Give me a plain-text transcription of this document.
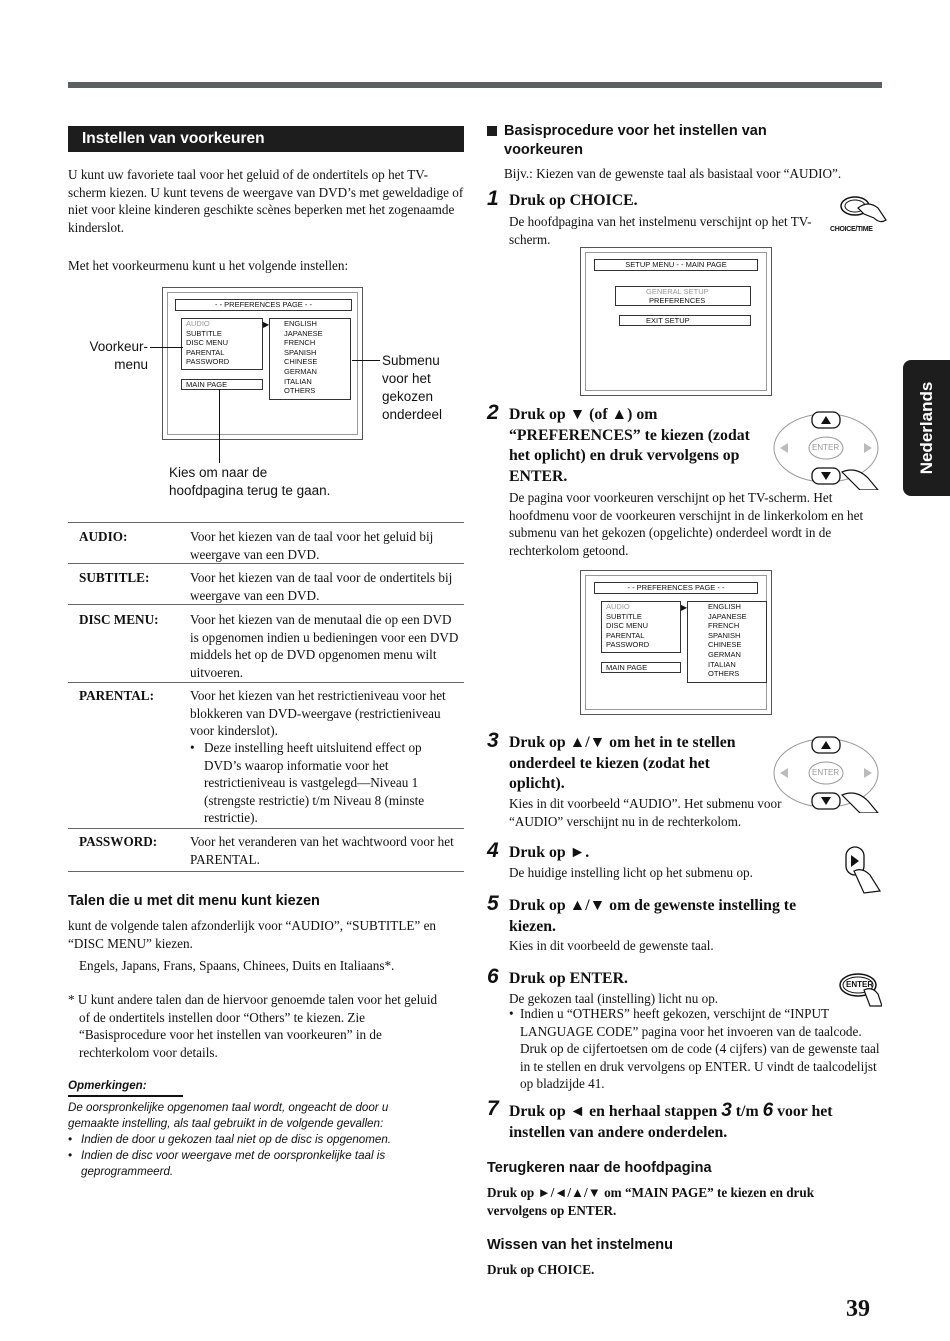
Instellen van voorkeuren
U kunt uw favoriete taal voor het geluid of de ondertitels op het TV-scherm kiezen. U kunt tevens de weergave van DVD’s met geweldadige of niet voor kleine kinderen geschikte scènes beperken met het zogenaamde kinderslot.
Met het voorkeurmenu kunt u het volgende instellen:
- - PREFERENCES PAGE - -
AUDIO
SUBTITLE
DISC MENU
PARENTAL
PASSWORD
▶
MAIN PAGE
ENGLISH
JAPANESE
FRENCH
SPANISH
CHINESE
GERMAN
ITALIAN
OTHERS
Voorkeur-
menu	Submenu
voor het
gekozen
onderdeel
Kies om naar de
hoofdpagina terug te gaan.
AUDIO:	Voor het kiezen van de taal voor het geluid bij weergave van een DVD.
SUBTITLE:	Voor het kiezen van de taal voor de ondertitels bij weergave van een DVD.
DISC MENU: Voor het kiezen van de menutaal die op een DVD is opgenomen indien u bedieningen voor een DVD middels het op de DVD opgenomen menu wilt uitvoeren.
PARENTAL:	Voor het kiezen van het restrictieniveau voor het blokkeren van DVD-weergave (restrictieniveau voor kinderslot).
• Deze instelling heeft uitsluitend effect op DVD’s waarop informatie voor het restrictieniveau is vastgelegd—Niveau 1 (strengste restrictie) t/m Niveau 8 (minste restrictie).
PASSWORD: Voor het veranderen van het wachtwoord voor het PARENTAL.
Talen die u met dit menu kunt kiezen
kunt de volgende talen afzonderlijk voor “AUDIO”, “SUBTITLE” en “DISC MENU” kiezen.
Engels, Japans, Frans, Spaans, Chinees, Duits en Italiaans*.
* U kunt andere talen dan de hiervoor genoemde talen voor het geluid of de ondertitels instellen door “Others” te kiezen. Zie “Basisprocedure voor het instellen van voorkeuren” in de rechterkolom voor details.
Opmerkingen:
De oorspronkelijke opgenomen taal wordt, ongeacht de door u gemaakte instelling, als taal gebruikt in de volgende gevallen:
• Indien de door u gekozen taal niet op de disc is opgenomen.
• Indien de disc voor weergave met de oorspronkelijke taal is geprogrammeerd.
Basisprocedure voor het instellen van voorkeuren
Bijv.: Kiezen van de gewenste taal als basistaal voor “AUDIO”.
1 Druk op CHOICE.
De hoofdpagina van het instelmenu verschijnt op het TV-scherm.
CHOICE/TIME
SETUP MENU - - MAIN PAGE
GENERAL SETUP
PREFERENCES
EXIT SETUP
2 Druk op ▼ (of ▲) om “PREFERENCES” te kiezen (zodat het oplicht) en druk vervolgens op ENTER.
De pagina voor voorkeuren verschijnt op het TV-scherm. Het hoofdmenu voor de voorkeuren verschijnt in de linkerkolom en het submenu van het gekozen (opgelichte) onderdeel wordt in de rechterkolom getoond.
ENTER
- - PREFERENCES PAGE - -
AUDIO
SUBTITLE
DISC MENU
PARENTAL
PASSWORD
▶
MAIN PAGE
ENGLISH
JAPANESE
FRENCH
SPANISH
CHINESE
GERMAN
ITALIAN
OTHERS
3 Druk op ▲/▼ om het in te stellen onderdeel te kiezen (zodat het oplicht).
Kies in dit voorbeeld “AUDIO”. Het submenu voor “AUDIO” verschijnt nu in de rechterkolom.
ENTER
4 Druk op ►.
De huidige instelling licht op het submenu op.
5 Druk op ▲/▼ om de gewenste instelling te kiezen.
Kies in dit voorbeeld de gewenste taal.
6 Druk op ENTER.
De gekozen taal (instelling) licht nu op.
• Indien u “OTHERS” heeft gekozen, verschijnt de “INPUT LANGUAGE CODE” pagina voor het invoeren van de taalcode. Druk op de cijfertoetsen om de code (4 cijfers) van de gewenste taal in te stellen en druk vervolgens op ENTER. U vindt de taalcodelijst op bladzijde 41.
ENTER
7 Druk op ◄ en herhaal stappen 3 t/m 6 voor het instellen van andere onderdelen.
Terugkeren naar de hoofdpagina
Druk op ►/◄/▲/▼ om “MAIN PAGE” te kiezen en druk vervolgens op ENTER.
Wissen van het instelmenu
Druk op CHOICE.
Nederlands
39
